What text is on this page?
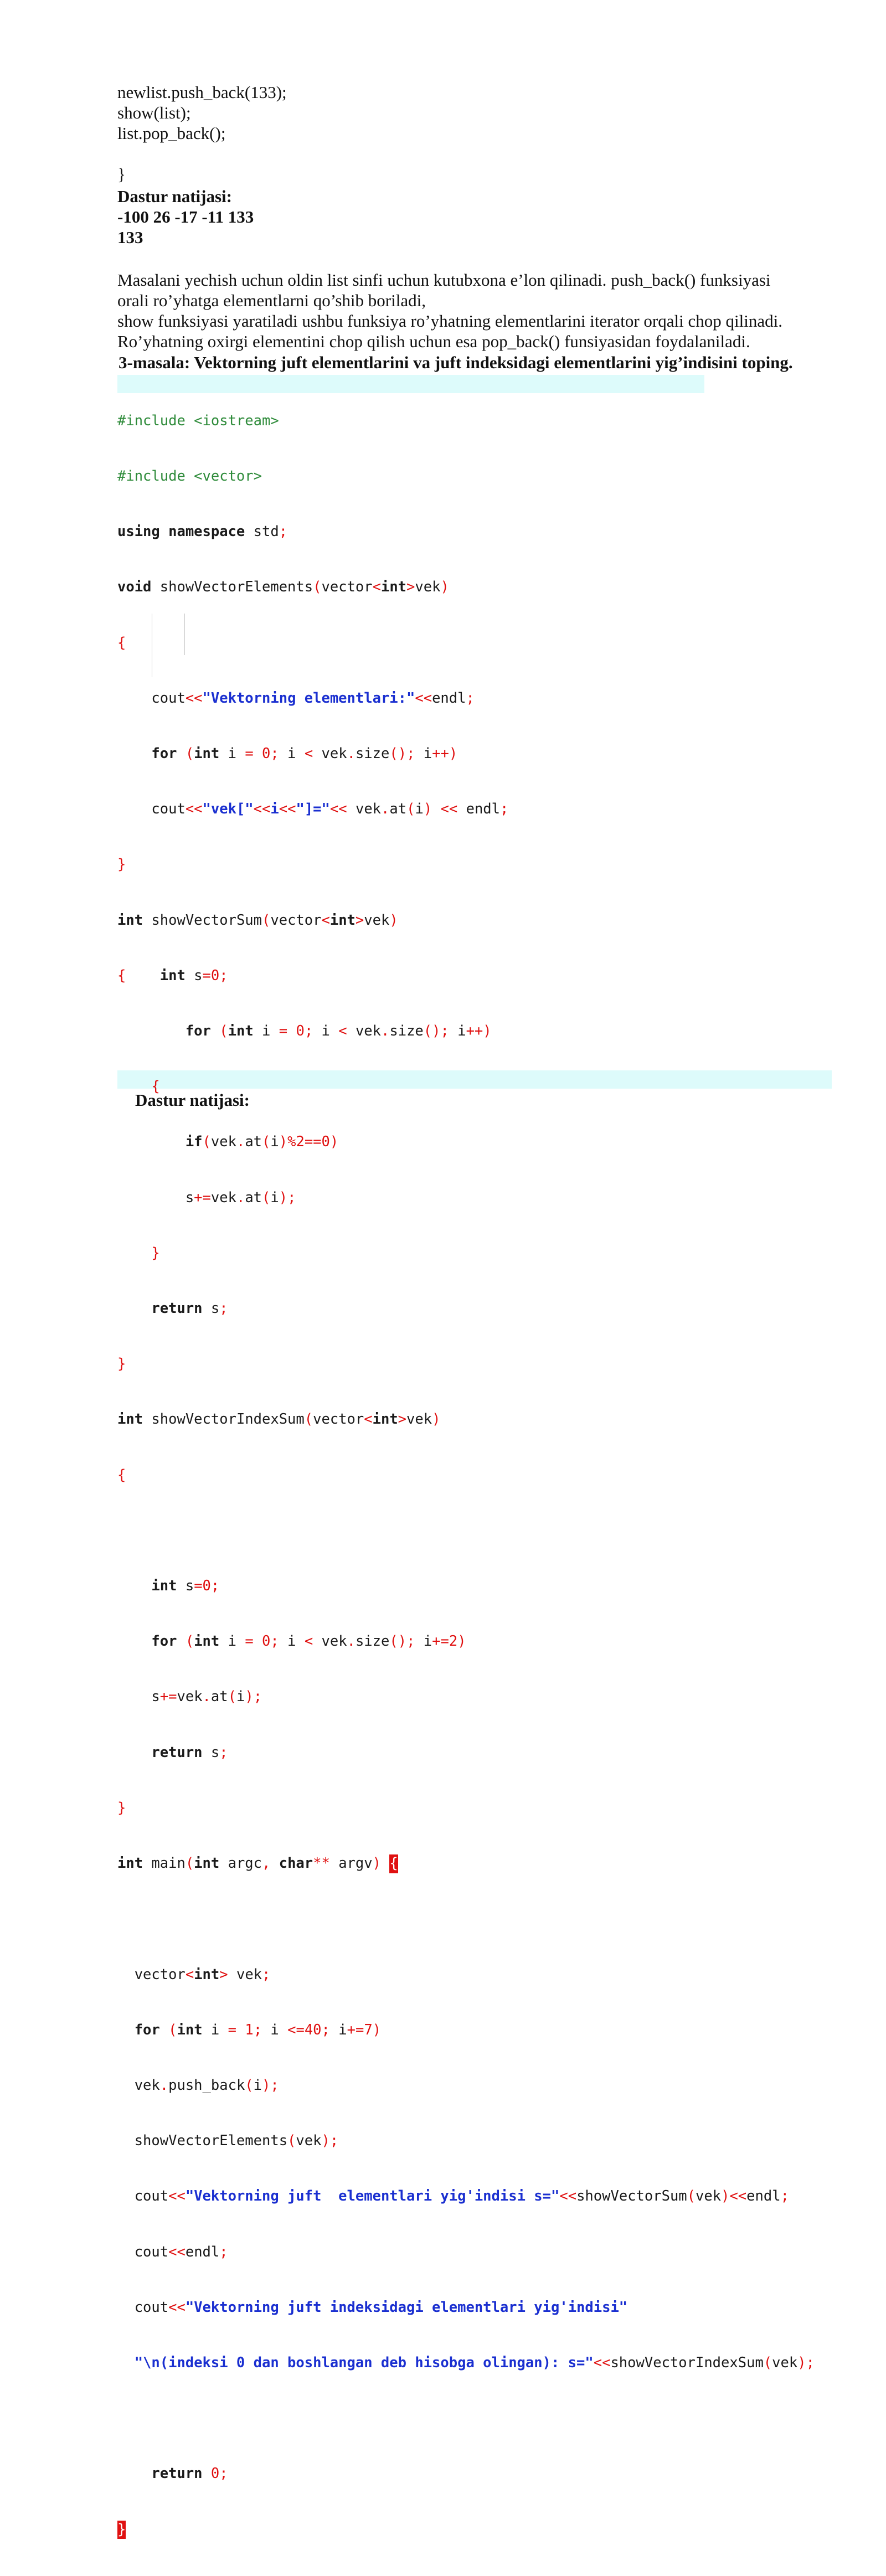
newlist.push_back(133);
show(list);
list.pop_back();
}
Dastur natijasi:
-100 26 -17 -11 133
133
Masalani yechish uchun oldin list sinfi uchun kutubxona e’lon qilinadi. push_back() funksiyasi
orali ro’yhatga elementlarni qo’shib boriladi,
show funksiyasi yaratiladi ushbu funksiya ro’yhatning elementlarini iterator orqali chop qilinadi.
Ro’yhatning oxirgi elementini chop qilish uchun esa pop_back() funsiyasidan foydalaniladi.
3-masala: Vektorning juft elementlarini va juft indeksidagi elementlarini yig’indisini toping.

#include <iostream>

#include <vector>

using namespace std;

void showVectorElements(vector<int>vek)

{

cout<<"Vektorning elementlari:"<<endl;

for (int i = 0; i < vek.size(); i++)

cout<<"vek["<<i<<"]="<< vek.at(i) << endl;

}

int showVectorSum(vector<int>vek)

{    int s=0;

for (int i = 0; i < vek.size(); i++)

{

if(vek.at(i)%2==0)

s+=vek.at(i);

}

return s;

}

int showVectorIndexSum(vector<int>vek)

{

int s=0;

for (int i = 0; i < vek.size(); i+=2)

s+=vek.at(i);

return s;

}

int main(int argc, char** argv) {

vector<int> vek;

for (int i = 1; i <=40; i+=7)

vek.push_back(i);

showVectorElements(vek);

cout<<"Vektorning juft  elementlari yig'indisi s="<<showVectorSum(vek)<<endl;

cout<<endl;

cout<<"Vektorning juft indeksidagi elementlari yig'indisi"

"\n(indeksi 0 dan boshlangan deb hisobga olingan): s="<<showVectorIndexSum(vek);

return 0;

}

Dastur natijasi:
